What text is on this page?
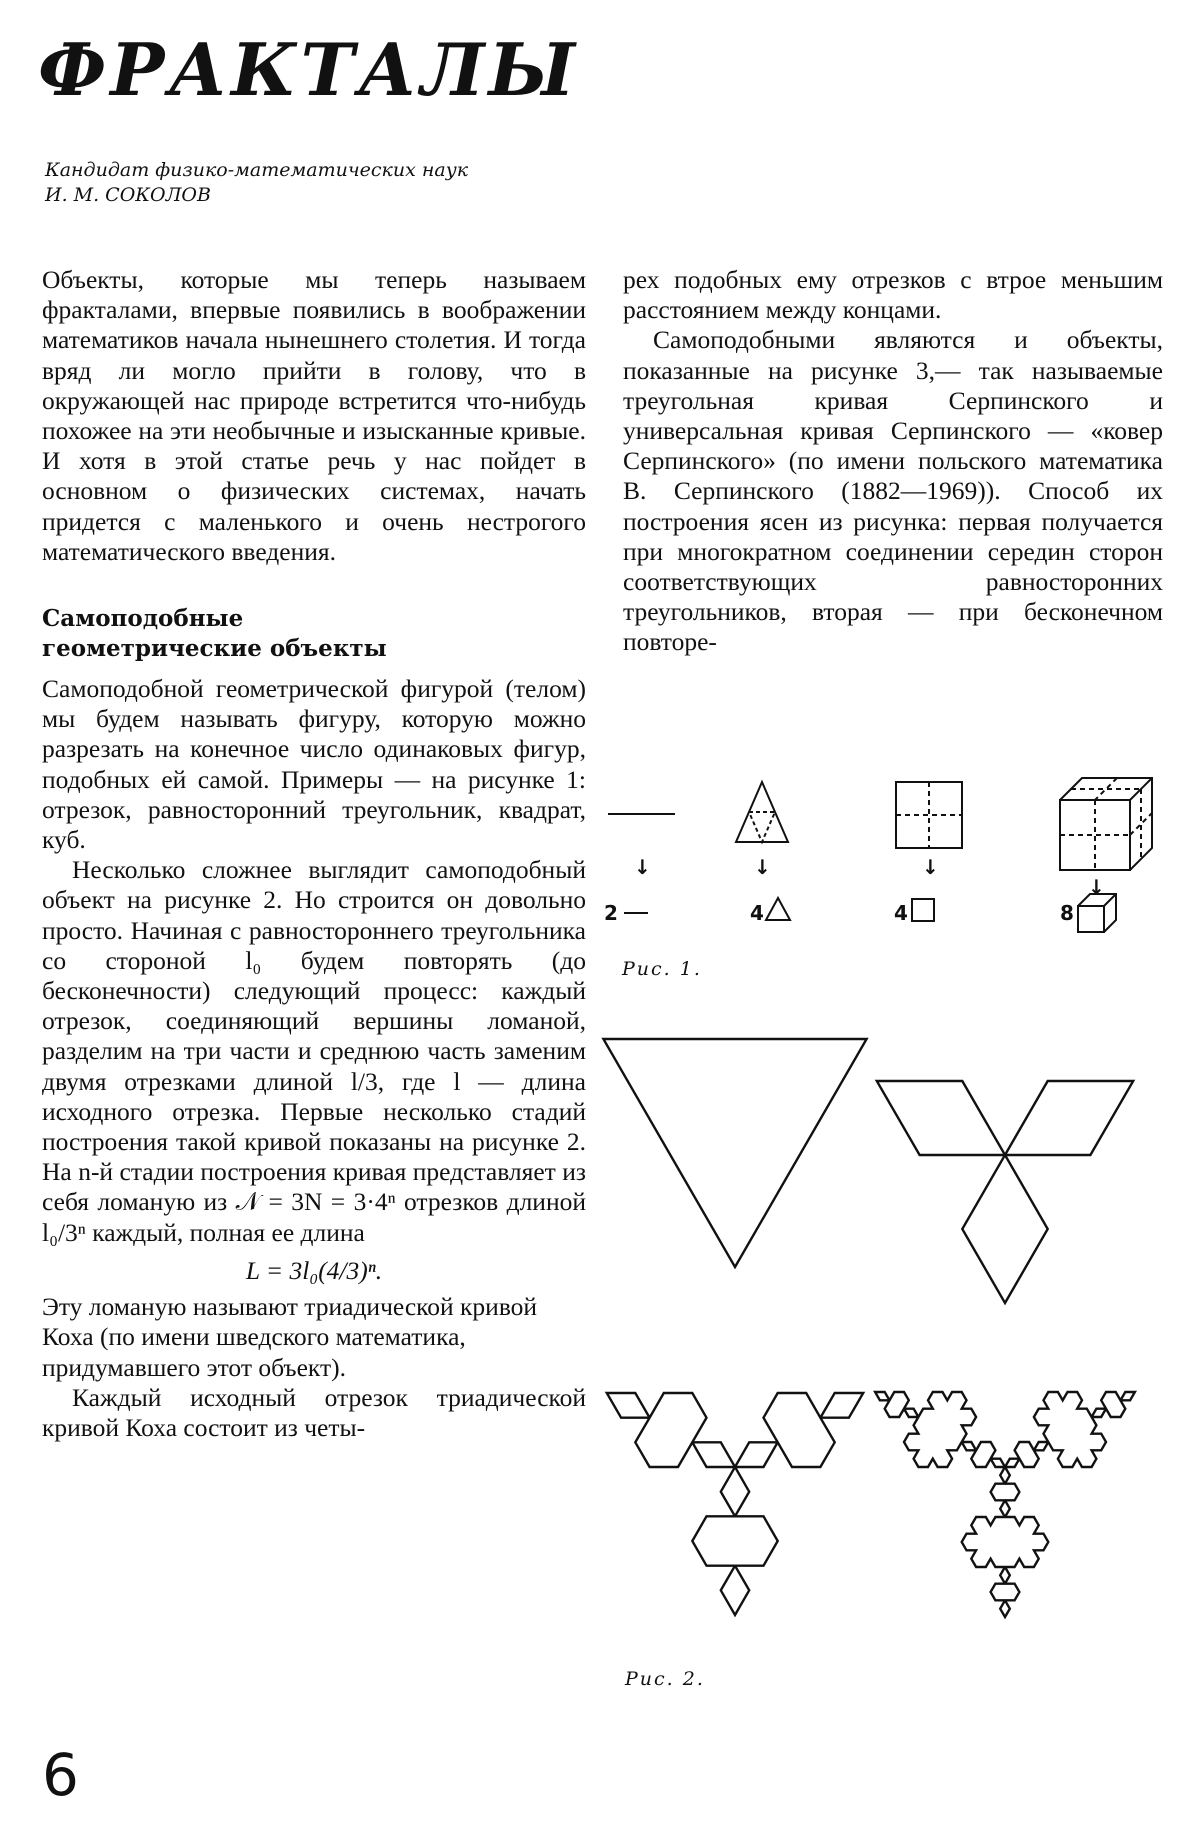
ФРАКТАЛЫ
Кандидат физико-математических наук
И. М. СОКОЛОВ

Объекты, которые мы теперь называем фракталами, впервые появились в воображении математиков начала нынешнего столетия. И тогда вряд ли могло прийти в голову, что в окружающей нас природе встретится что-нибудь похожее на эти необычные и изысканные кривые. И хотя в этой статье речь у нас пойдет в основном о физических системах, начать придется с маленького и очень нестрогого математического введения.

Самоподобные
геометрические объекты

Самоподобной геометрической фигурой (телом) мы будем называть фигуру, которую можно разрезать на конечное число одинаковых фигур, подобных ей самой. Примеры — на рисунке 1: отрезок, равносторонний треугольник, квадрат, куб.

Несколько сложнее выглядит самоподобный объект на рисунке 2. Но строится он довольно просто. Начиная с равностороннего треугольника со стороной l₀ будем повторять (до бесконечности) следующий процесс: каждый отрезок, соединяющий вершины ломаной, разделим на три части и среднюю часть заменим двумя отрезками длиной l/3, где l — длина исходного отрезка. Первые несколько стадий построения такой кривой показаны на рисунке 2. На n-й стадии построения кривая представляет из себя ломаную из 𝒩 = 3N = 3·4ⁿ отрезков длиной l₀/3ⁿ каждый, полная ее длина

L = 3l₀(4/3)ⁿ.

Эту ломаную называют триадической кривой Коха (по имени шведского математика, придумавшего этот объект).

Каждый исходный отрезок триадической кривой Коха состоит из четы-

рех подобных ему отрезков с втрое меньшим расстоянием между концами.

Самоподобными являются и объекты, показанные на рисунке 3,— так называемые треугольная кривая Серпинского и универсальная кривая Серпинского — «ковер Серпинского» (по имени польского математика В. Серпинского (1882—1969)). Способ их построения ясен из рисунка: первая получается при многократном соединении середин сторон соответствующих равносторонних треугольников, вторая — при бесконечном повторе-

↓	↓	↓
↓
2	4	4	8
Рис. 1.
Рис. 2.
6
